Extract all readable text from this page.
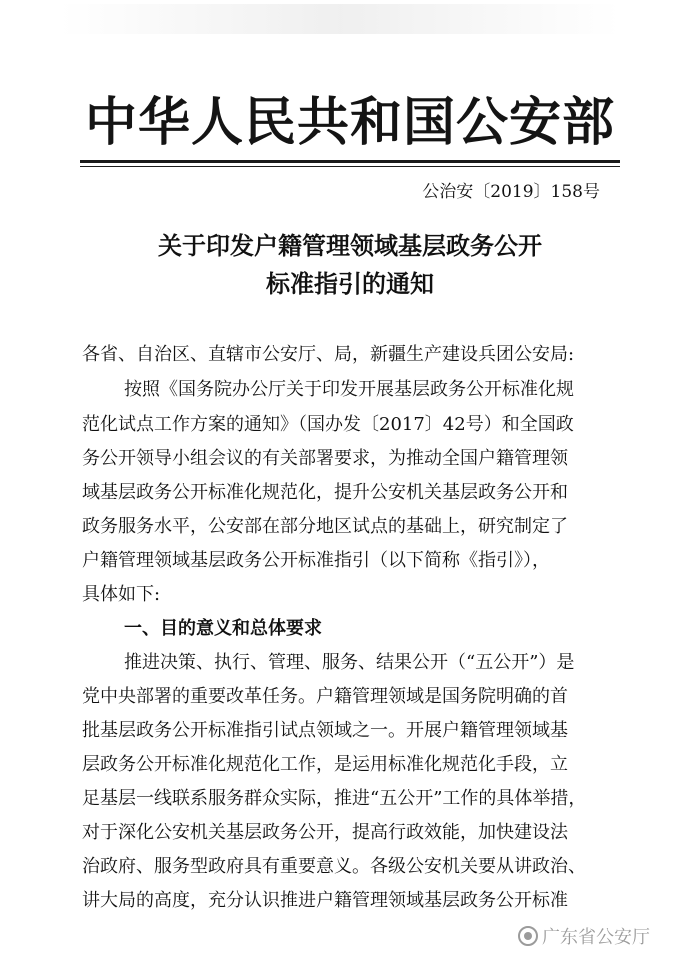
中华人民共和国公安部
公治安〔2019〕158号
关于印发户籍管理领域基层政务公开
标准指引的通知
各省、自治区、直辖市公安厅、局，新疆生产建设兵团公安局:
按照《国务院办公厅关于印发开展基层政务公开标准化规
范化试点工作方案的通知》（国办发〔2017〕42号）和全国政
务公开领导小组会议的有关部署要求，为推动全国户籍管理领
域基层政务公开标准化规范化，提升公安机关基层政务公开和
政务服务水平，公安部在部分地区试点的基础上，研究制定了
户籍管理领域基层政务公开标准指引（以下简称《指引》），
具体如下:
一、目的意义和总体要求
推进决策、执行、管理、服务、结果公开（“五公开”）是
党中央部署的重要改革任务。户籍管理领域是国务院明确的首
批基层政务公开标准指引试点领域之一。开展户籍管理领域基
层政务公开标准化规范化工作，是运用标准化规范化手段，立
足基层一线联系服务群众实际，推进“五公开”工作的具体举措，
对于深化公安机关基层政务公开，提高行政效能，加快建设法
治政府、服务型政府具有重要意义。各级公安机关要从讲政治、
讲大局的高度，充分认识推进户籍管理领域基层政务公开标准
广东省公安厅
